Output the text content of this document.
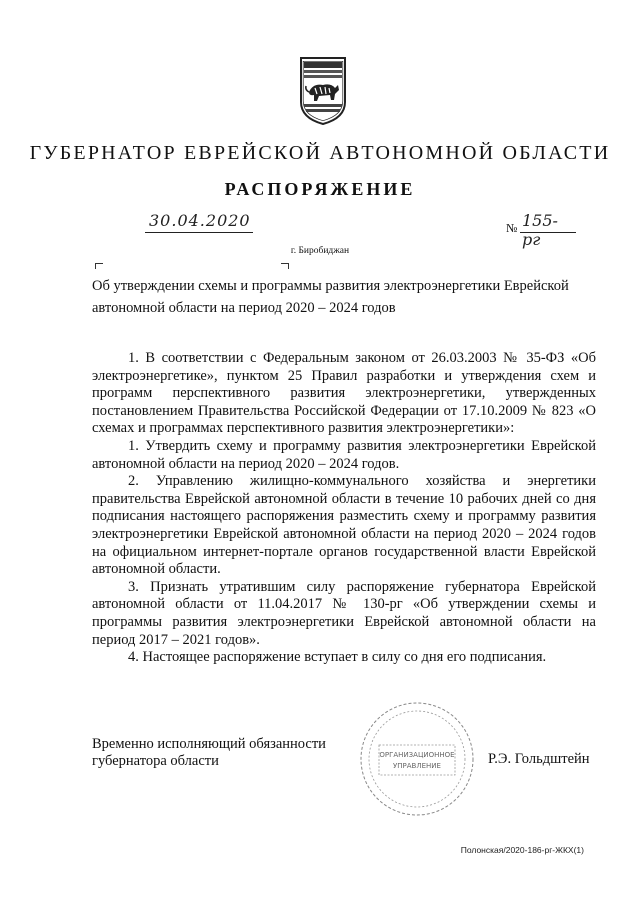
ГУБЕРНАТОР ЕВРЕЙСКОЙ АВТОНОМНОЙ ОБЛАСТИ
РАСПОРЯЖЕНИЕ
30.04.2020	№ 155-рг
г. Биробиджан
Об утверждении схемы и программы развития электроэнергетики Еврейской автономной области на период 2020 – 2024 годов

1. В соответствии с Федеральным законом от 26.03.2003 № 35-ФЗ «Об электроэнергетике», пунктом 25 Правил разработки и утверждения схем и программ перспективного развития электроэнергетики, утвержденных постановлением Правительства Российской Федерации от 17.10.2009 № 823 «О схемах и программах перспективного развития электроэнергетики»:

1. Утвердить схему и программу развития электроэнергетики Еврейской автономной области на период 2020 – 2024 годов.

2. Управлению жилищно-коммунального хозяйства и энергетики правительства Еврейской автономной области в течение 10 рабочих дней со дня подписания настоящего распоряжения разместить схему и программу развития электроэнергетики Еврейской автономной области на период 2020 – 2024 годов на официальном интернет-портале органов государственной власти Еврейской автономной области.

3. Признать утратившим силу распоряжение губернатора Еврейской автономной области от 11.04.2017 № 130-рг «Об утверждении схемы и программы развития электроэнергетики Еврейской автономной области на период 2017 – 2021 годов».

4. Настоящее распоряжение вступает в силу со дня его подписания.

Временно исполняющий обязанности
губернатора области	ОРГАНИЗАЦИОННОЕ
УПРАВЛЕНИЕ	Р.Э. Гольдштейн
Полонская/2020-186-рг-ЖКХ(1)
